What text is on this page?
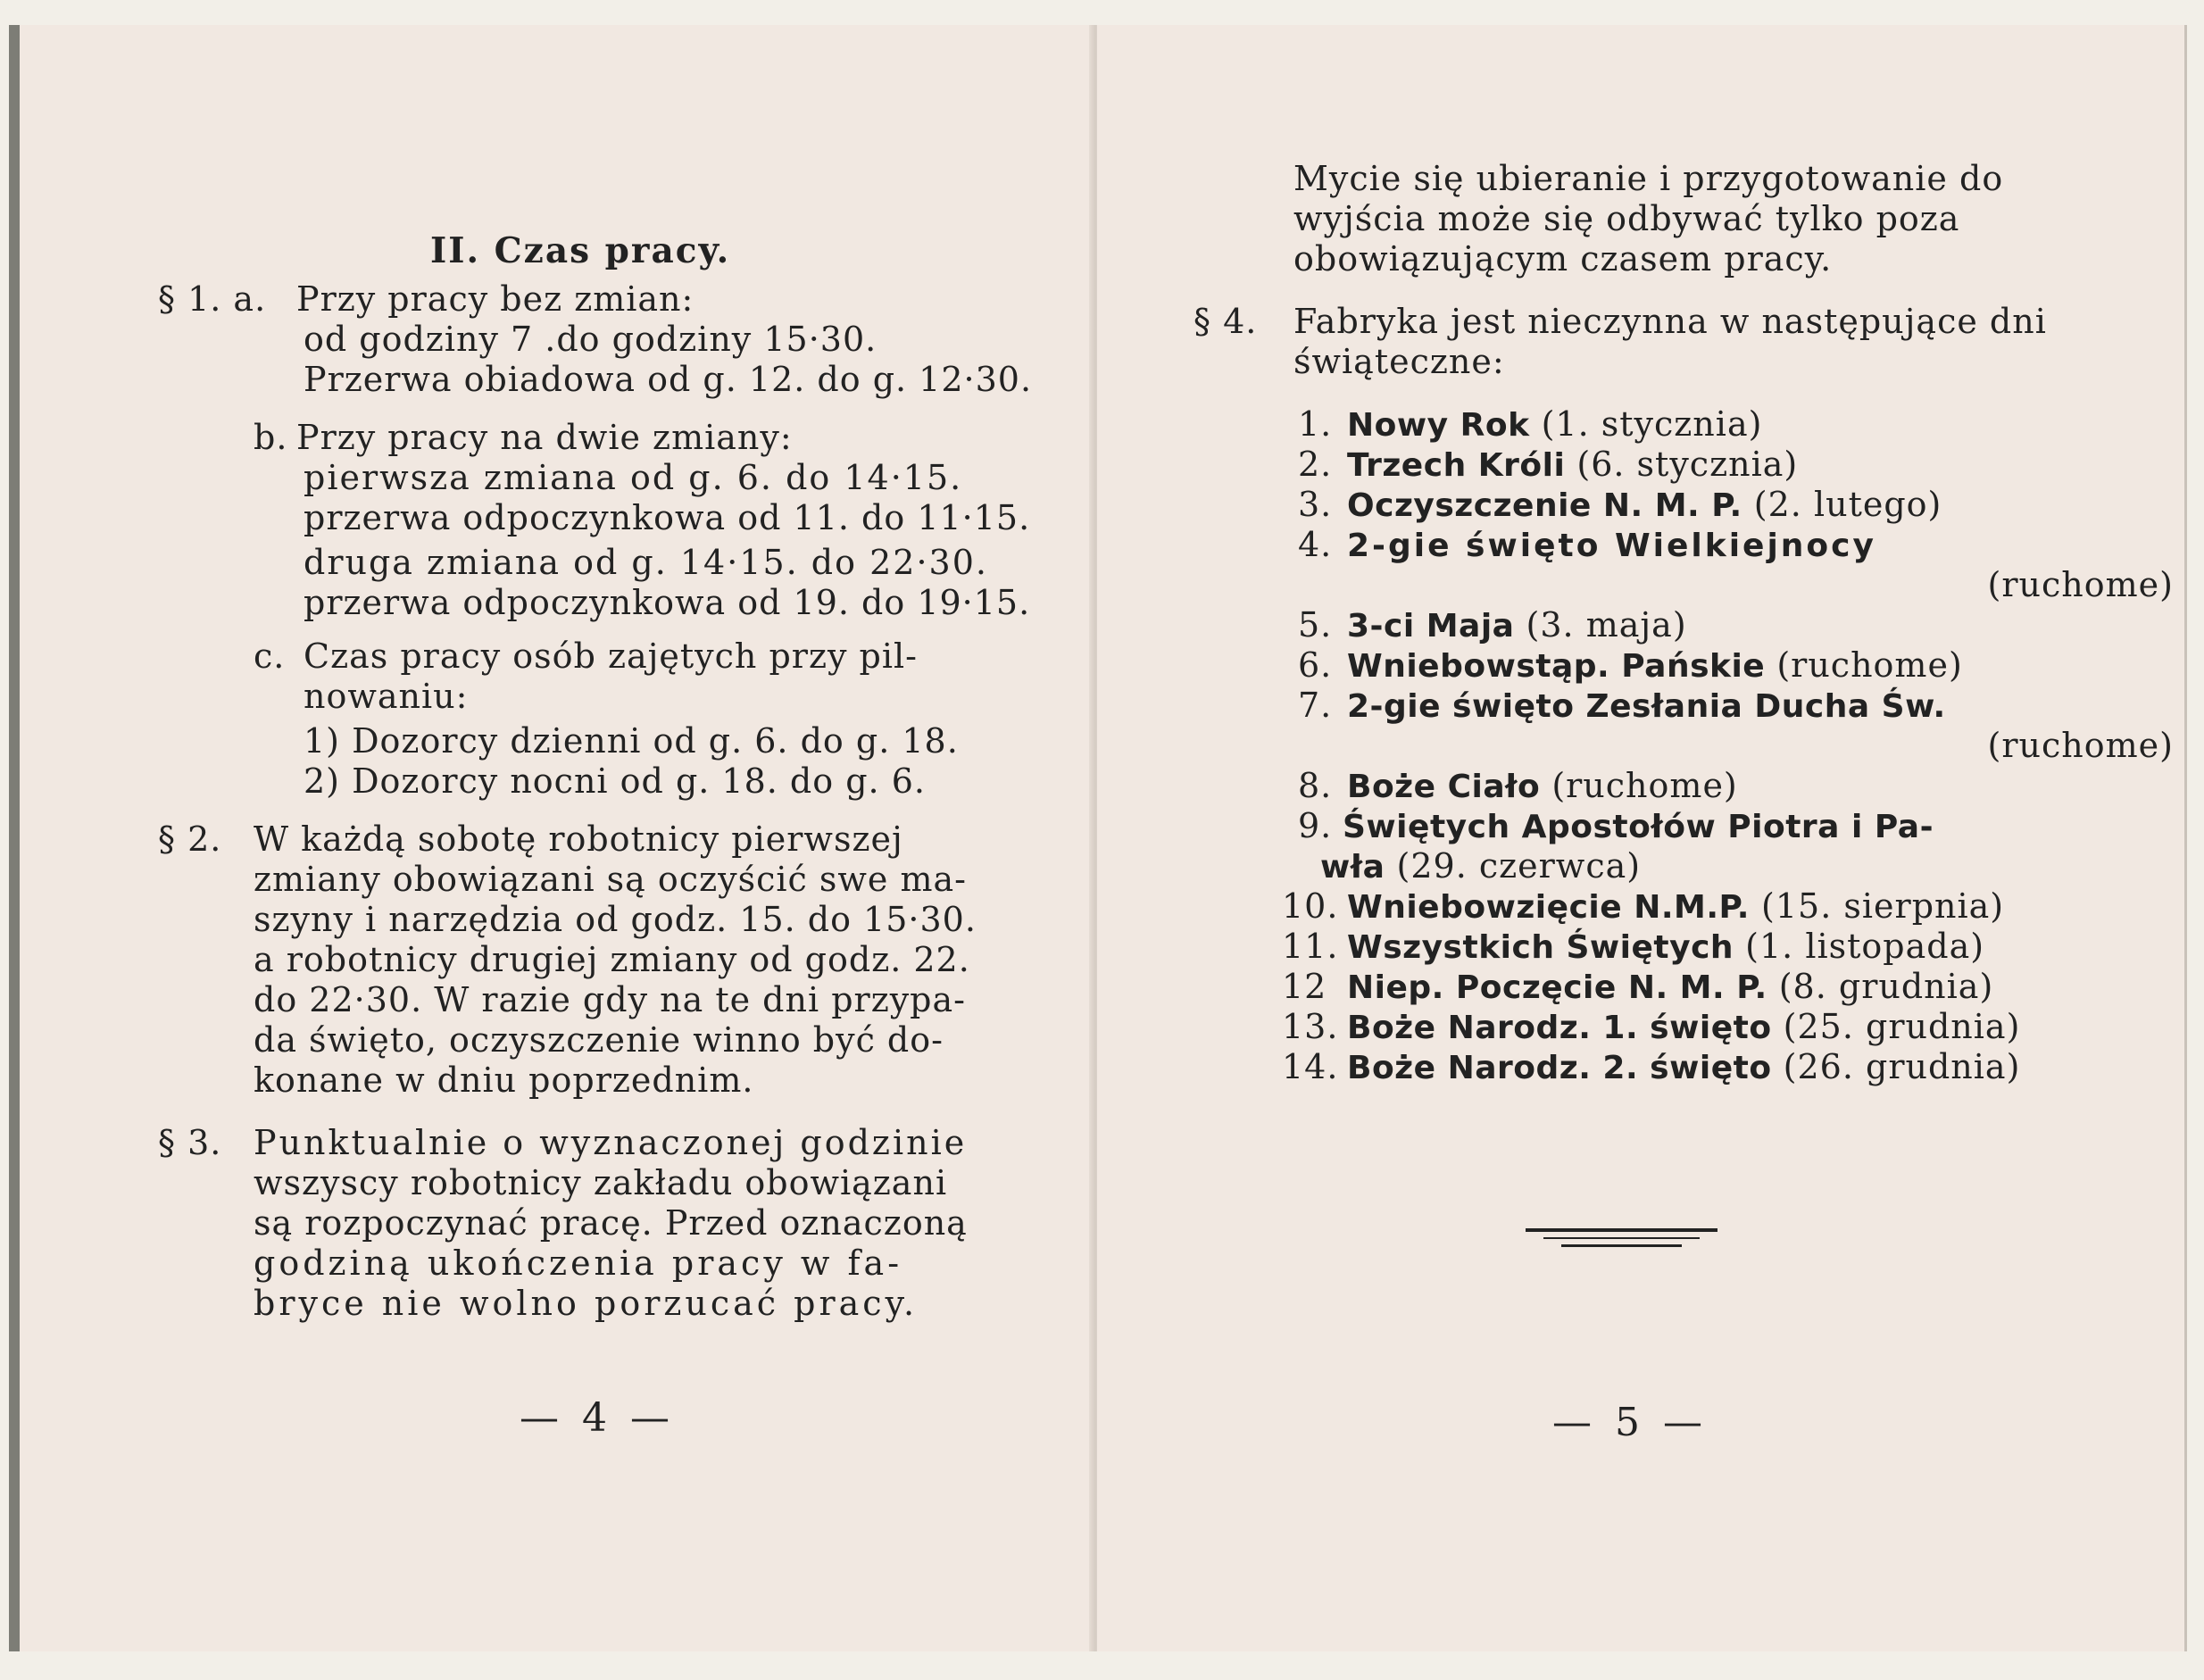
II. Czas pracy.
§ 1. a. Przy pracy bez zmian:
od godziny 7 .do godziny 15·30.
Przerwa obiadowa od g. 12. do g. 12·30.
b. Przy pracy na dwie zmiany:
pierwsza zmiana od g. 6. do 14·15.
przerwa odpoczynkowa od 11. do 11·15.
druga zmiana od g. 14·15. do 22·30.
przerwa odpoczynkowa od 19. do 19·15.
c. Czas pracy osób zajętych przy pil-
nowaniu:
1) Dozorcy dzienni od g. 6. do g. 18.
2) Dozorcy nocni od g. 18. do g. 6.
§ 2. W każdą sobotę robotnicy pierwszej
zmiany obowiązani są oczyścić swe ma-
szyny i narzędzia od godz. 15. do 15·30.
a robotnicy drugiej zmiany od godz. 22.
do 22·30. W razie gdy na te dni przypa-
da święto, oczyszczenie winno być do-
konane w dniu poprzednim.
§ 3. Punktualnie o wyznaczonej godzinie
wszyscy robotnicy zakładu obowiązani
są rozpoczynać pracę. Przed oznaczoną
godziną ukończenia pracy w fa-
bryce nie wolno porzucać pracy.
— 4 —
Mycie się ubieranie i przygotowanie do
wyjścia może się odbywać tylko poza
obowiązującym czasem pracy.
§ 4. Fabryka jest nieczynna w następujące dni
świąteczne:
1. Nowy Rok (1. stycznia)
2. Trzech Króli (6. stycznia)
3. Oczyszczenie N. M. P. (2. lutego)
4. 2-gie święto Wielkiejnocy
(ruchome)
5. 3-ci Maja (3. maja)
6. Wniebowstąp. Pańskie (ruchome)
7. 2-gie święto Zesłania Ducha Św.
(ruchome)
8. Boże Ciało (ruchome)
9. Świętych Apostołów Piotra i Pa-
wła (29. czerwca)
10. Wniebowzięcie N.M.P. (15. sierpnia)
11. Wszystkich Świętych (1. listopada)
12 Niep. Poczęcie N. M. P. (8. grudnia)
13. Boże Narodz. 1. święto (25. grudnia)
14. Boże Narodz. 2. święto (26. grudnia)
— 5 —
